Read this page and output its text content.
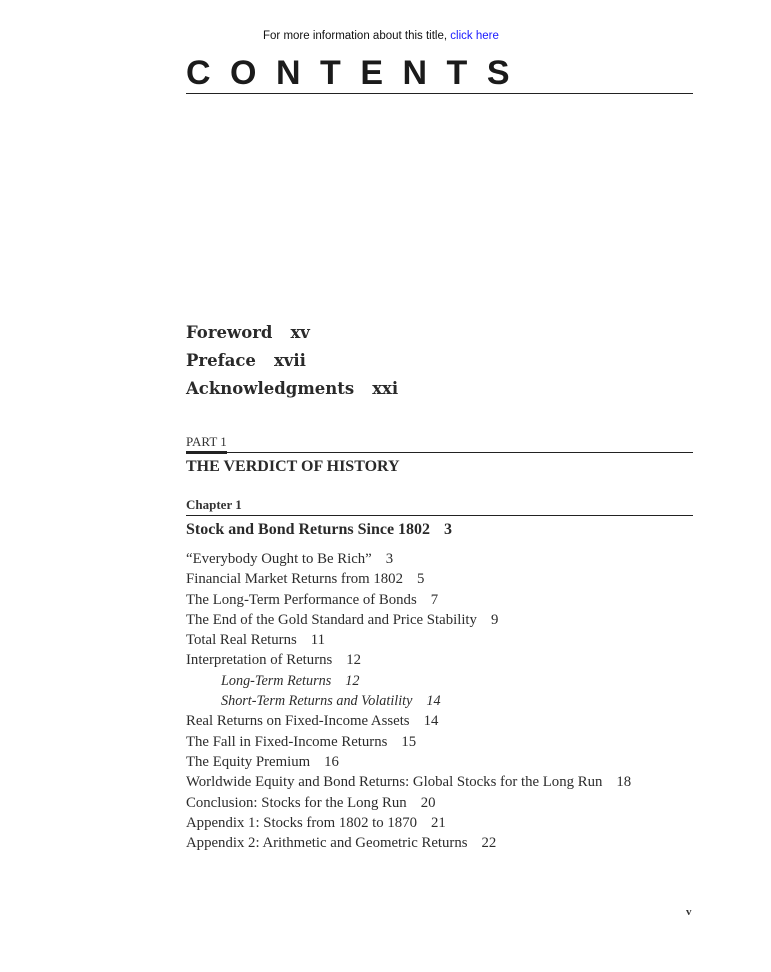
For more information about this title, click here
CONTENTS
Foreword xv
Preface xvii
Acknowledgments xxi
PART 1
THE VERDICT OF HISTORY
Chapter 1
Stock and Bond Returns Since 1802 3
“Everybody Ought to Be Rich” 3
Financial Market Returns from 1802 5
The Long-Term Performance of Bonds 7
The End of the Gold Standard and Price Stability 9
Total Real Returns 11
Interpretation of Returns 12
Long-Term Returns 12
Short-Term Returns and Volatility 14
Real Returns on Fixed-Income Assets 14
The Fall in Fixed-Income Returns 15
The Equity Premium 16
Worldwide Equity and Bond Returns: Global Stocks for the Long Run 18
Conclusion: Stocks for the Long Run 20
Appendix 1: Stocks from 1802 to 1870 21
Appendix 2: Arithmetic and Geometric Returns 22
v
